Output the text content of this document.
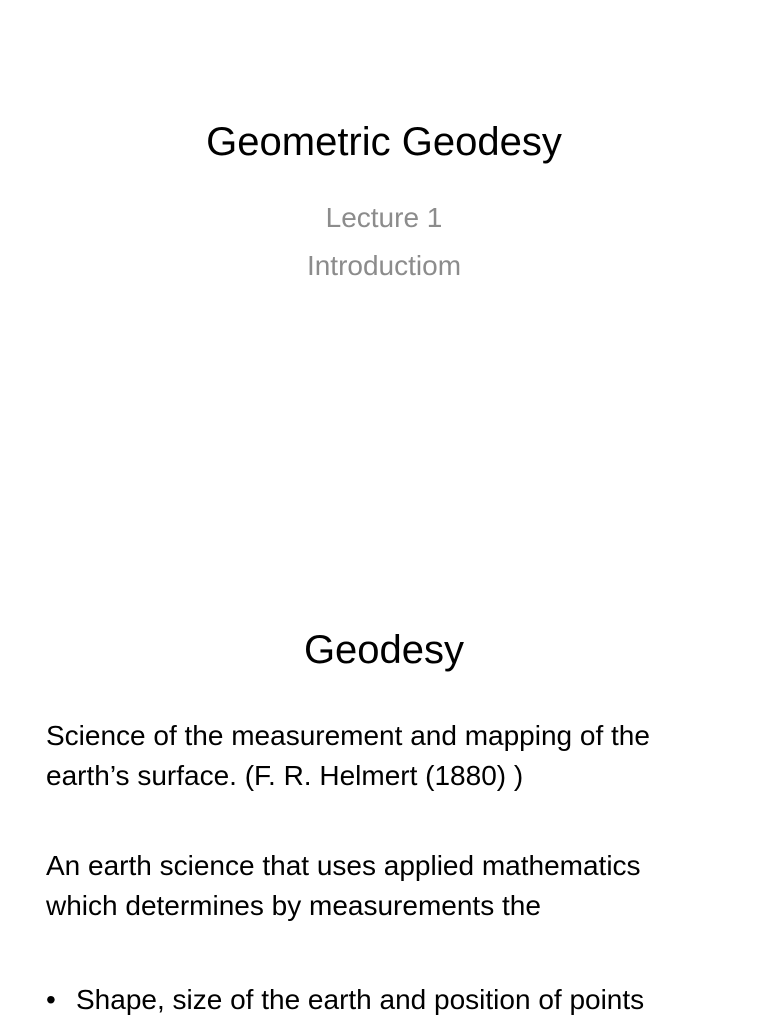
Geometric Geodesy
Lecture 1
Introductiom
Geodesy
Science of the measurement and mapping of the
earth’s surface. (F. R. Helmert (1880) )
An earth science that uses applied mathematics
which determines by measurements the
• Shape, size of the earth and position of points
